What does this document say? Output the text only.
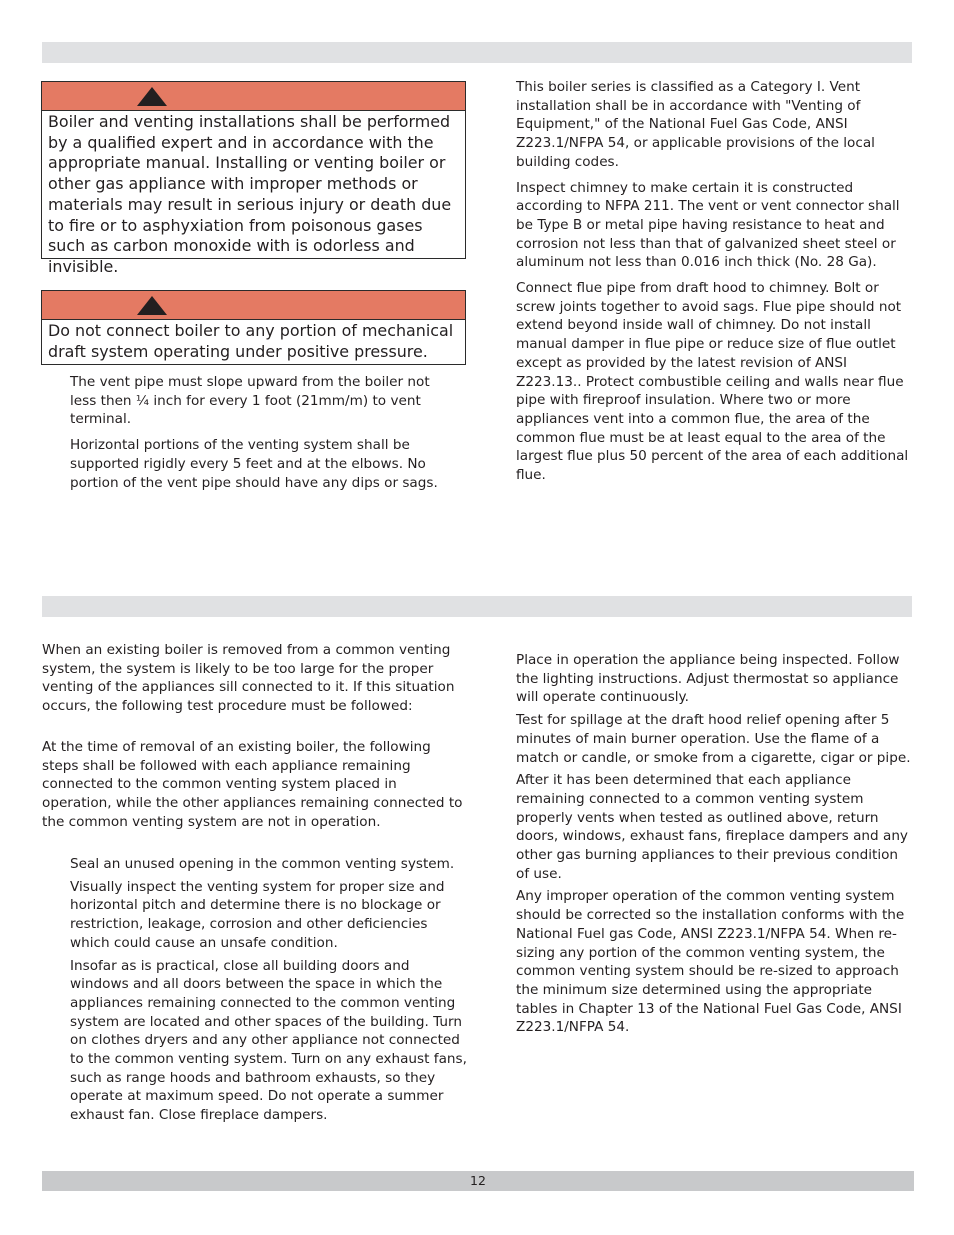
Boiler and venting installations shall be performed by a qualified expert and in accordance with the appropriate manual. Installing or venting boiler or other gas appliance with improper methods or materials may result in serious injury or death due to fire or to asphyxiation from poisonous gases such as carbon monoxide with is odorless and invisible.
Do not connect boiler to any portion of mechanical draft system operating under positive pressure.

The vent pipe must slope upward from the boiler not less then ¼ inch for every 1 foot (21mm/m) to vent terminal.

Horizontal portions of the venting system shall be supported rigidly every 5 feet and at the elbows. No portion of the vent pipe should have any dips or sags.

This boiler series is classified as a Category I. Vent installation shall be in accordance with "Venting of Equipment," of the National Fuel Gas Code, ANSI Z223.1/NFPA 54, or applicable provisions of the local building codes.

Inspect chimney to make certain it is constructed according to NFPA 211. The vent or vent connector shall be Type B or metal pipe having resistance to heat and corrosion not less than that of galvanized sheet steel or aluminum not less than 0.016 inch thick (No. 28 Ga).

Connect flue pipe from draft hood to chimney. Bolt or screw joints together to avoid sags. Flue pipe should not extend beyond inside wall of chimney. Do not install manual damper in flue pipe or reduce size of flue outlet except as provided by the latest revision of ANSI Z223.13.. Protect combustible ceiling and walls near flue pipe with fireproof insulation. Where two or more appliances vent into a common flue, the area of the common flue must be at least equal to the area of the largest flue plus 50 percent of the area of each additional flue.

When an existing boiler is removed from a common venting system, the system is likely to be too large for the proper venting of the appliances sill connected to it. If this situation occurs, the following test procedure must be followed:

At the time of removal of an existing boiler, the following steps shall be followed with each appliance remaining connected to the common venting system placed in operation, while the other appliances remaining connected to the common venting system are not in operation.

Seal an unused opening in the common venting system.

Visually inspect the venting system for proper size and horizontal pitch and determine there is no blockage or restriction, leakage, corrosion and other deficiencies which could cause an unsafe condition.

Insofar as is practical, close all building doors and windows and all doors between the space in which the appliances remaining connected to the common venting system are located and other spaces of the building. Turn on clothes dryers and any other appliance not connected to the common venting system. Turn on any exhaust fans, such as range hoods and bathroom exhausts, so they operate at maximum speed. Do not operate a summer exhaust fan. Close fireplace dampers.

Place in operation the appliance being inspected. Follow the lighting instructions. Adjust thermostat so appliance will operate continuously.

Test for spillage at the draft hood relief opening after 5 minutes of main burner operation. Use the flame of a match or candle, or smoke from a cigarette, cigar or pipe.

After it has been determined that each appliance remaining connected to a common venting system properly vents when tested as outlined above, return doors, windows, exhaust fans, fireplace dampers and any other gas burning appliances to their previous condition of use.

Any improper operation of the common venting system should be corrected so the installation conforms with the National Fuel gas Code, ANSI Z223.1/NFPA 54. When re-sizing any portion of the common venting system, the common venting system should be re-sized to approach the minimum size determined using the appropriate tables in Chapter 13 of the National Fuel Gas Code, ANSI Z223.1/NFPA 54.

12
